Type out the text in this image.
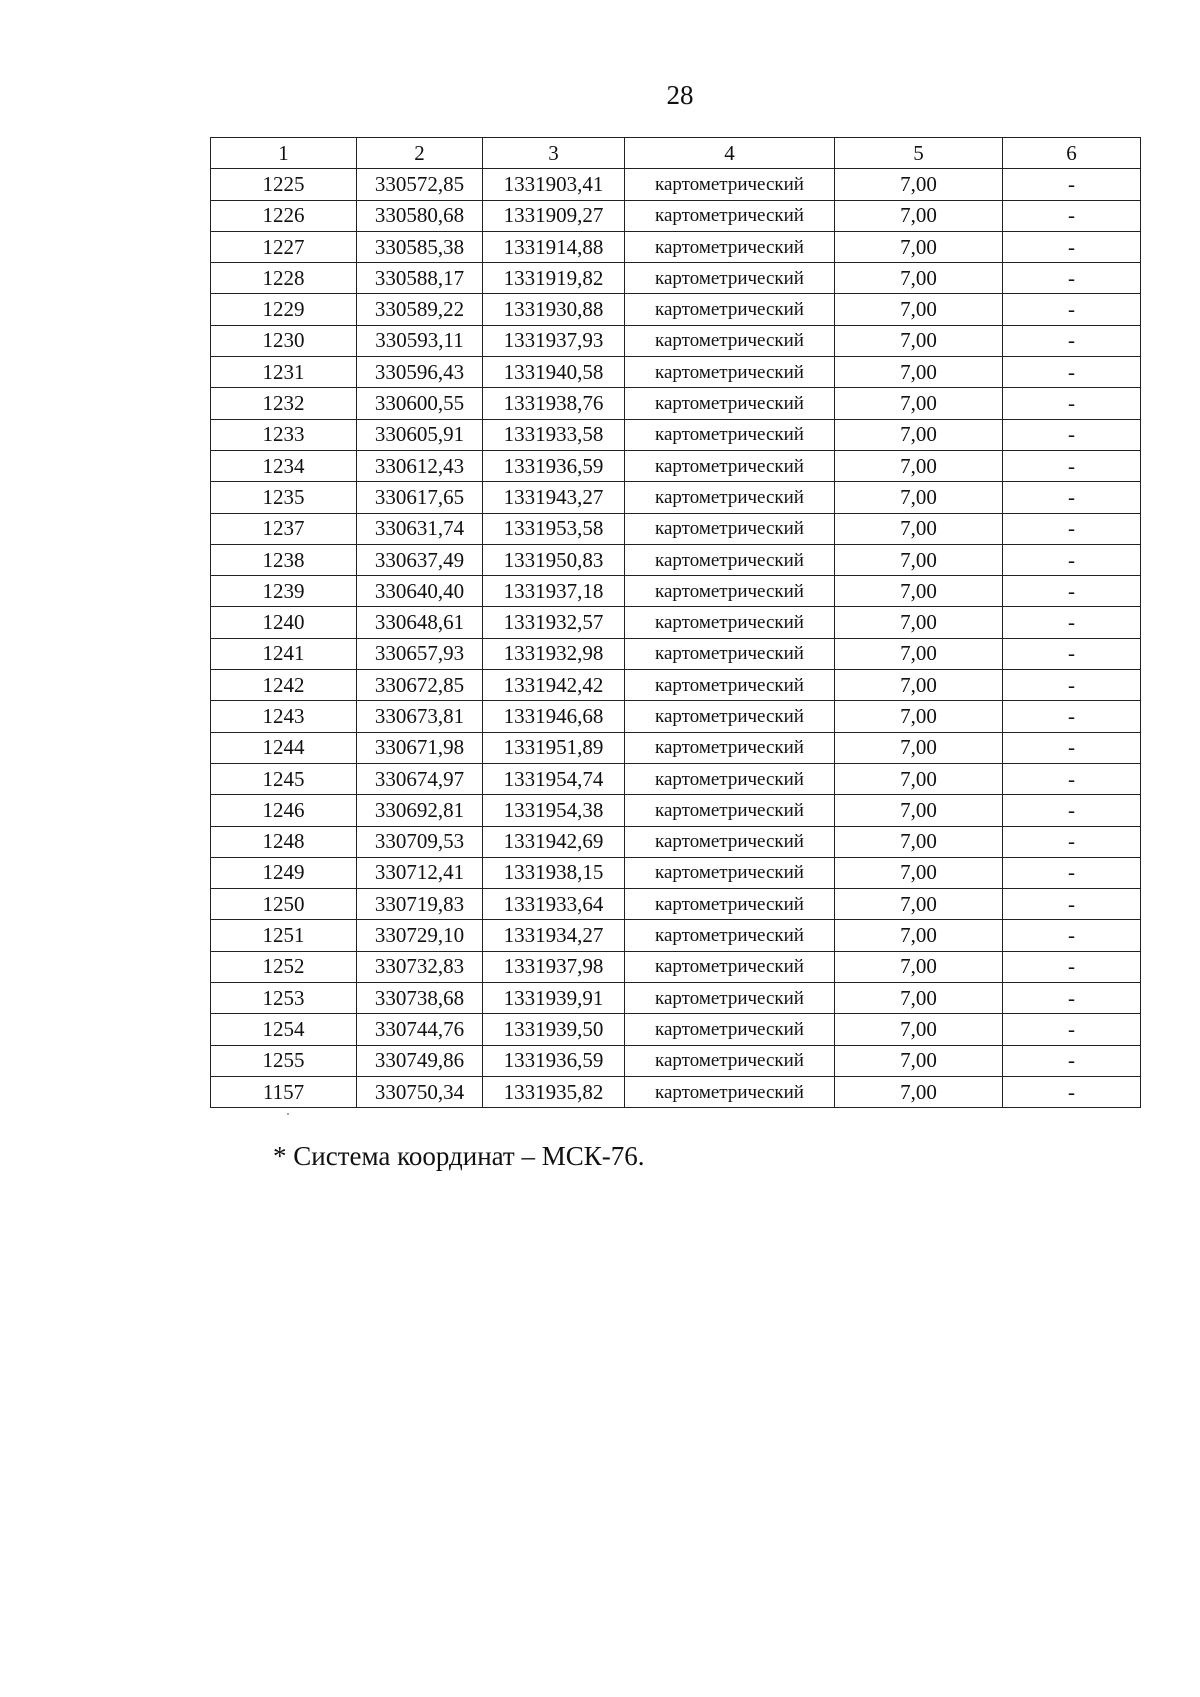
28
1	2	3	4	5	6
1225	330572,85	1331903,41	картометрический	7,00	-
1226	330580,68	1331909,27	картометрический	7,00	-
1227	330585,38	1331914,88	картометрический	7,00	-
1228	330588,17	1331919,82	картометрический	7,00	-
1229	330589,22	1331930,88	картометрический	7,00	-
1230	330593,11	1331937,93	картометрический	7,00	-
1231	330596,43	1331940,58	картометрический	7,00	-
1232	330600,55	1331938,76	картометрический	7,00	-
1233	330605,91	1331933,58	картометрический	7,00	-
1234	330612,43	1331936,59	картометрический	7,00	-
1235	330617,65	1331943,27	картометрический	7,00	-
1237	330631,74	1331953,58	картометрический	7,00	-
1238	330637,49	1331950,83	картометрический	7,00	-
1239	330640,40	1331937,18	картометрический	7,00	-
1240	330648,61	1331932,57	картометрический	7,00	-
1241	330657,93	1331932,98	картометрический	7,00	-
1242	330672,85	1331942,42	картометрический	7,00	-
1243	330673,81	1331946,68	картометрический	7,00	-
1244	330671,98	1331951,89	картометрический	7,00	-
1245	330674,97	1331954,74	картометрический	7,00	-
1246	330692,81	1331954,38	картометрический	7,00	-
1248	330709,53	1331942,69	картометрический	7,00	-
1249	330712,41	1331938,15	картометрический	7,00	-
1250	330719,83	1331933,64	картометрический	7,00	-
1251	330729,10	1331934,27	картометрический	7,00	-
1252	330732,83	1331937,98	картометрический	7,00	-
1253	330738,68	1331939,91	картометрический	7,00	-
1254	330744,76	1331939,50	картометрический	7,00	-
1255	330749,86	1331936,59	картометрический	7,00	-
1157	330750,34	1331935,82	картометрический	7,00	-
* Система координат – МСК-76.
